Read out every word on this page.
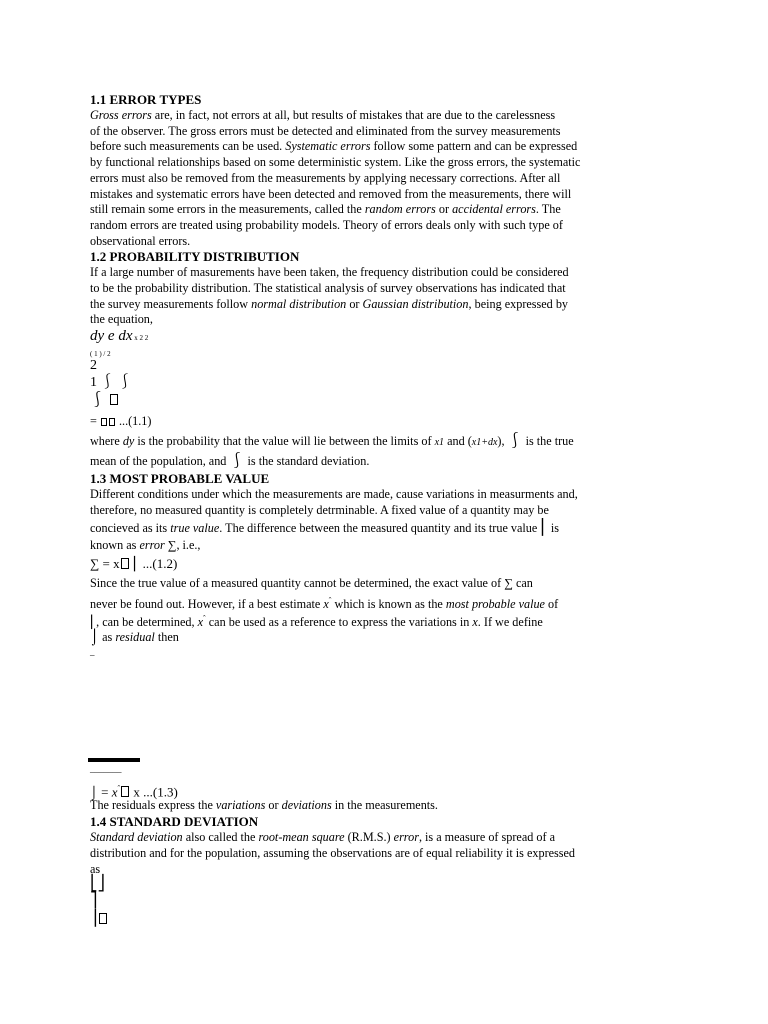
1.1 ERROR TYPES
Gross errors are, in fact, not errors at all, but results of mistakes that are due to the carelessness
of the observer. The gross errors must be detected and eliminated from the survey measurements
before such measurements can be used. Systematic errors follow some pattern and can be expressed
by functional relationships based on some deterministic system. Like the gross errors, the systematic
errors must also be removed from the measurements by applying necessary corrections. After all
mistakes and systematic errors have been detected and removed from the measurements, there will
still remain some errors in the measurements, called the random errors or accidental errors. The
random errors are treated using probability models. Theory of errors deals only with such type of
observational errors.
1.2 PROBABILITY DISTRIBUTION
If a large number of masurements have been taken, the frequency distribution could be considered
to be the probability distribution. The statistical analysis of survey observations has indicated that
the survey measurements follow normal distribution or Gaussian distribution, being expressed by
the equation,
dy e dx x 2 2
( 1 ) / 2
2
1 ⎰ ⎰
⎰
=  ...(1.1)
where dy is the probability that the value will lie between the limits of x1 and (x1+dx), ⎰ is the true
mean of the population, and ⎰ is the standard deviation.
1.3 MOST PROBABLE VALUE
Different conditions under which the measurements are made, cause variations in measurments and,
therefore, no measured quantity is completely detrminable. A fixed value of a quantity may be
concieved as its true value. The difference between the measured quantity and its true value ⎜ is
known as error ∑, i.e.,
∑ = x ⎜ ...(1.2)
Since the true value of a measured quantity cannot be determined, the exact value of ∑ can
never be found out. However, if a best estimate $x^ˆ$ which is known as the most probable value of
⎜, can be determined, $x^ˆ$ can be used as a reference to express the variations in x. If we define
⌡ as residual then
–
_______
⌡ = $x^ˆ$ x ...(1.3)
The residuals express the variations or deviations in the measurements.
1.4 STANDARD DEVIATION
Standard deviation also called the root-mean square (R.M.S.) error, is a measure of spread of a
distribution and for the population, assuming the observations are of equal reliability it is expressed
as
⎣⎦
⎤
⎥
